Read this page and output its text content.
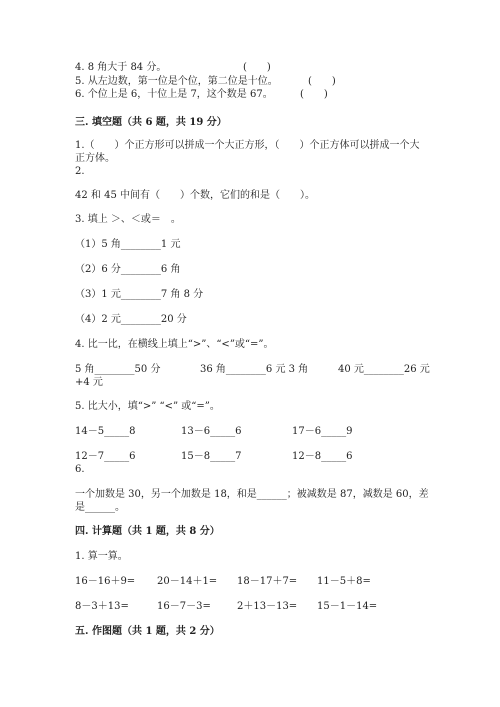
4. 8 角大于 84 分。	(　　)
5. 从左边数，第一位是个位，第二位是十位。	(　　)
6. 个位上是 6，十位上是 7，这个数是 67。	(　　)
三. 填空题（共 6 题，共 19 分）
1.（　　）个正方形可以拼成一个大正方形，（　　）个正方体可以拼成一个大
正方体。
2.
42 和 45 中间有（　　）个数，它们的和是（　　）。
3. 填上 ＞、＜或＝　。
（1）5 角________1 元
（2）6 分________6 角
（3）1 元________7 角 8 分
（4）2 元________20 分
4. 比一比，在横线上填上“>”、“<”或“=”。
5 角________50 分	36 角________6 元 3 角	40 元________26 元
+4 元
5. 比大小，填“>” “<” 或“=”。
14－5_____8	13－6_____6	17－6_____9
12－7_____6	15－8_____7	12－8_____6
6.
一个加数是 30，另一个加数是 18，和是______；被减数是 87，减数是 60，差
是______。
四. 计算题（共 1 题，共 8 分）
1. 算一算。
16－16＋9= 20－14＋1= 18－17＋7= 11－5＋8=
8－3＋13=	16－7－3=	2＋13－13= 15－1－14=
五. 作图题（共 1 题，共 2 分）
